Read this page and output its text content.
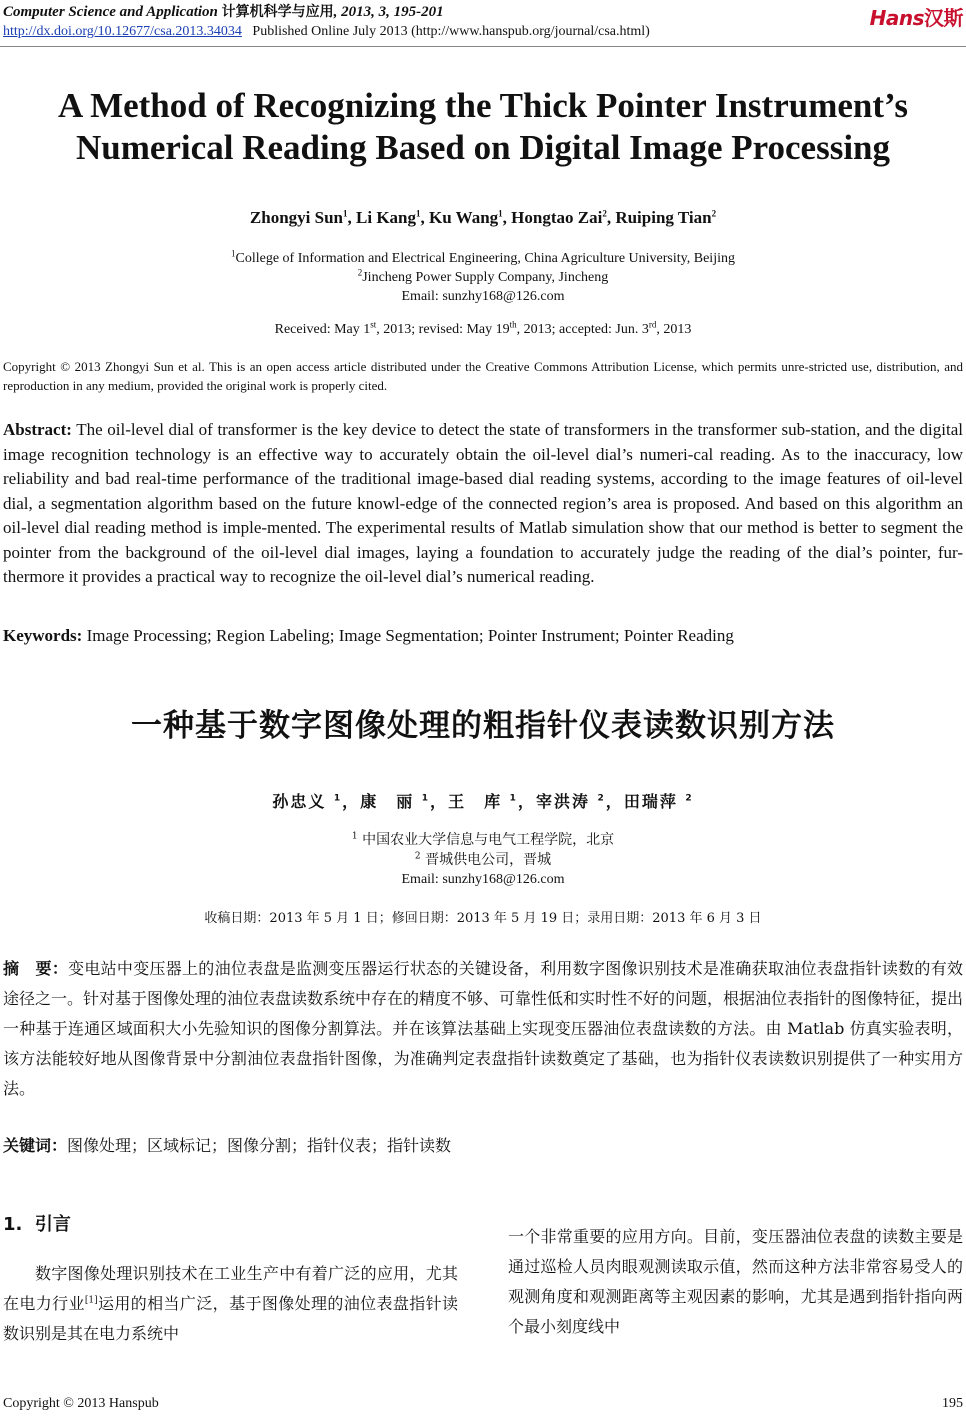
Computer Science and Application 计算机科学与应用, 2013, 3, 195-201
http://dx.doi.org/10.12677/csa.2013.34034 Published Online July 2013 (http://www.hanspub.org/journal/csa.html)
Hans汉斯
A Method of Recognizing the Thick Pointer Instrument’s Numerical Reading Based on Digital Image Processing
Zhongyi Sun$^1$, Li Kang$^1$, Ku Wang$^1$, Hongtao Zai$^2$, Ruiping Tian$^2$
$^1$College of Information and Electrical Engineering, China Agriculture University, Beijing
$^2$Jincheng Power Supply Company, Jincheng
Email: sunzhy168@126.com
Received: May 1st, 2013; revised: May 19th, 2013; accepted: Jun. 3rd, 2013
Copyright © 2013 Zhongyi Sun et al. This is an open access article distributed under the Creative Commons Attribution License, which permits unre-stricted use, distribution, and reproduction in any medium, provided the original work is properly cited.
Abstract: The oil-level dial of transformer is the key device to detect the state of transformers in the transformer sub-station, and the digital image recognition technology is an effective way to accurately obtain the oil-level dial’s numeri-cal reading. As to the inaccuracy, low reliability and bad real-time performance of the traditional image-based dial reading systems, according to the image features of oil-level dial, a segmentation algorithm based on the future knowl-edge of the connected region’s area is proposed. And based on this algorithm an oil-level dial reading method is imple-mented. The experimental results of Matlab simulation show that our method is better to segment the pointer from the background of the oil-level dial images, laying a foundation to accurately judge the reading of the dial’s pointer, fur-thermore it provides a practical way to recognize the oil-level dial’s numerical reading.
Keywords: Image Processing; Region Labeling; Image Segmentation; Pointer Instrument; Pointer Reading
一种基于数字图像处理的粗指针仪表读数识别方法
孙忠义 $^1$，康　丽 $^1$，王　库 $^1$，宰洪涛 $^2$，田瑞萍 $^2$
$^1$ 中国农业大学信息与电气工程学院，北京
$^2$ 晋城供电公司，晋城
Email: sunzhy168@126.com
收稿日期：2013 年 5 月 1 日；修回日期：2013 年 5 月 19 日；录用日期：2013 年 6 月 3 日
摘　要：变电站中变压器上的油位表盘是监测变压器运行状态的关键设备，利用数字图像识别技术是准确获取油位表盘指针读数的有效途径之一。针对基于图像处理的油位表盘读数系统中存在的精度不够、可靠性低和实时性不好的问题，根据油位表指针的图像特征，提出一种基于连通区域面积大小先验知识的图像分割算法。并在该算法基础上实现变压器油位表盘读数的方法。由 Matlab 仿真实验表明，该方法能较好地从图像背景中分割油位表盘指针图像，为准确判定表盘指针读数奠定了基础，也为指针仪表读数识别提供了一种实用方法。
关键词：图像处理；区域标记；图像分割；指针仪表；指针读数
1. 引言
数字图像处理识别技术在工业生产中有着广泛的应用，尤其在电力行业[1]运用的相当广泛，基于图像处理的油位表盘指针读数识别是其在电力系统中
一个非常重要的应用方向。目前，变压器油位表盘的读数主要是通过巡检人员肉眼观测读取示值，然而这种方法非常容易受人的观测角度和观测距离等主观因素的影响，尤其是遇到指针指向两个最小刻度线中
Copyright © 2013 Hanspub	195
